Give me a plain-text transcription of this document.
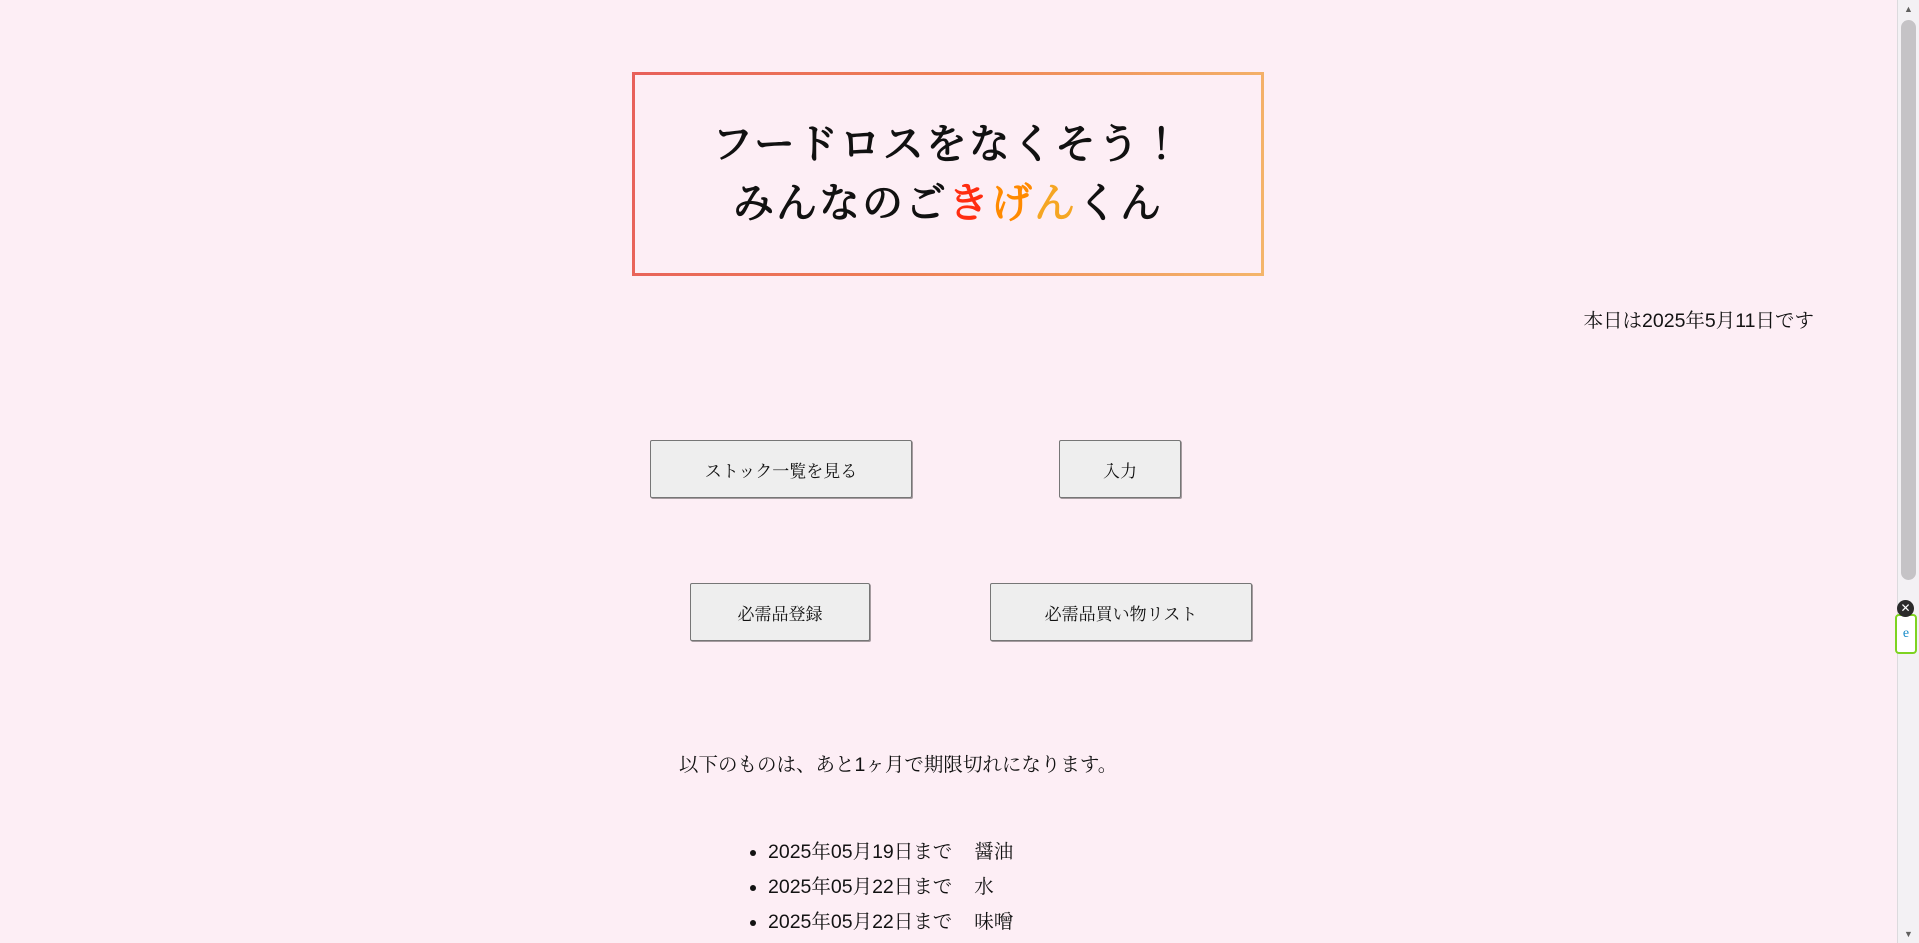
フードロスをなくそう！
みんなのごきげんくん
本日は2025年5月11日です
ストック一覧を見る	入力
必需品登録	必需品買い物リスト
以下のものは、あと1ヶ月で期限切れになります。
• 2025年05月19日まで 醤油
• 2025年05月22日まで 水
• 2025年05月22日まで 味噌
▲
▼
e
✕
